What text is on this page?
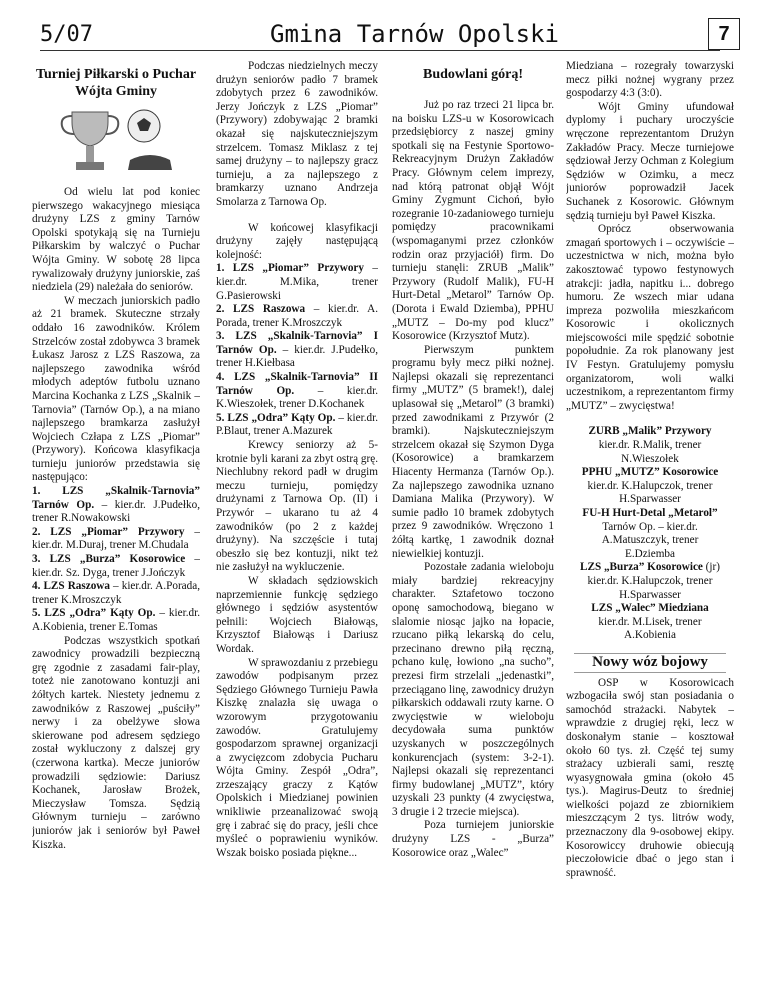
5/07	Gmina Tarnów Opolski	7
Turniej Piłkarski o Puchar Wójta Gminy

Od wielu lat pod koniec pierwszego wakacyjnego miesiąca drużyny LZS z gminy Tarnów Opolski spotykają się na Turnieju Piłkarskim by walczyć o Puchar Wójta Gminy. W sobotę 28 lipca rywalizowały drużyny juniorskie, zaś niedziela (29) należała do seniorów.

W meczach juniorskich padło aż 21 bramek. Skuteczne strzały oddało 16 zawodników. Królem Strzelców został zdobywca 3 bramek Łukasz Jarosz z LZS Raszowa, za najlepszego zawodnika wśród młodych adeptów futbolu uznano Marcina Kochanka z LZS „Skalnik – Tarnovia” (Tarnów Op.), a na miano najlepszego bramkarza zasłużył Wojciech Człapa z LZS „Piomar” (Przywory). Końcowa klasyfikacja turnieju juniorów przedstawia się następująco:

1. LZS „Skalnik-Tarnovia” Tarnów Op. – kier.dr. J.Pudełko, trener R.Nowakowski

2. LZS „Piomar” Przywory – kier.dr. M.Duraj, trener M.Chudala

3. LZS „Burza” Kosorowice – kier.dr. Sz. Dyga, trener J.Jończyk

4. LZS Raszowa – kier.dr. A.Porada, trener K.Mroszczyk

5. LZS „Odra” Kąty Op. – kier.dr. A.Kobienia, trener E.Tomas

Podczas wszystkich spotkań zawodnicy prowadzili bezpieczną grę zgodnie z zasadami fair-play, toteż nie zanotowano kontuzji ani żółtych kartek. Niestety jednemu z zawodników z Raszowej „puściły” nerwy i za obelżywe słowa skierowane pod adresem sędziego został wykluczony z dalszej gry (czerwona kartka). Mecze juniorów prowadzili sędziowie: Dariusz Kochanek, Jarosław Brożek, Mieczysław Tomsza. Sędzią Głównym turnieju – zarówno juniorów jak i seniorów był Paweł Kiszka.

Podczas niedzielnych meczy drużyn seniorów padło 7 bramek zdobytych przez 6 zawodników. Jerzy Jończyk z LZS „Piomar” (Przywory) zdobywając 2 bramki okazał się najskuteczniejszym strzelcem. Tomasz Miklasz z tej samej drużyny – to najlepszy gracz turnieju, a za najlepszego z bramkarzy uznano Andrzeja Smolarza z Tarnowa Op.

W końcowej klasyfikacji drużyny zajęły następującą kolejność:

1. LZS „Piomar” Przywory – kier.dr. M.Mika, trener G.Pasierowski

2. LZS Raszowa – kier.dr. A. Porada, trener K.Mroszczyk

3. LZS „Skalnik-Tarnovia” I Tarnów Op. – kier.dr. J.Pudełko, trener H.Kiełbasa

4. LZS „Skalnik-Tarnovia” II Tarnów Op. – kier.dr. K.Wieszołek, trener D.Kochanek

5. LZS „Odra” Kąty Op. – kier.dr. P.Blaut, trener A.Mazurek

Krewcy seniorzy aż 5-krotnie byli karani za zbyt ostrą grę. Niechlubny rekord padł w drugim meczu turnieju, pomiędzy drużynami z Tarnowa Op. (II) i Przywór – ukarano tu aż 4 zawodników (po 2 z każdej drużyny). Na szczęście i tutaj obeszło się bez kontuzji, nikt też nie zasłużył na wykluczenie.

W składach sędziowskich naprzemiennie funkcję sędziego głównego i sędziów asystentów pełnili: Wojciech Białowąs, Krzysztof Białowąs i Dariusz Wordak.

W sprawozdaniu z przebiegu zawodów podpisanym przez Sędziego Głównego Turnieju Pawła Kiszkę znalazła się uwaga o wzorowym przygotowaniu zawodów. Gratulujemy gospodarzom sprawnej organizacji a zwycięzcom zdobycia Pucharu Wójta Gminy. Zespół „Odra”, zrzeszający graczy z Kątów Opolskich i Miedzianej powinien wnikliwie przeanalizować swoją grę i zabrać się do pracy, jeśli chce myśleć o poprawieniu wyników. Wszak boisko posiada piękne...

Budowlani górą!

Już po raz trzeci 21 lipca br. na boisku LZS-u w Kosorowicach przedsiębiorcy z naszej gminy spotkali się na Festynie Sportowo-Rekreacyjnym Drużyn Zakładów Pracy. Głównym celem imprezy, nad którą patronat objął Wójt Gminy Zygmunt Cichoń, było rozegranie 10-zadaniowego turnieju pomiędzy pracownikami (wspomaganymi przez członków rodzin oraz przyjaciół) firm. Do turnieju stanęli: ZRUB „Malik” Przywory (Rudolf Malik), FU-H Hurt-Detal „Metarol” Tarnów Op. (Dorota i Ewald Dziemba), PPHU „MUTZ – Do-my pod klucz” Kosorowice (Krzysztof Mutz).

Pierwszym punktem programu były mecz piłki nożnej. Najlepsi okazali się reprezentanci firmy „MUTZ” (5 bramek!), dalej uplasował się „Metarol” (3 bramki) przed zawodnikami z Przywór (2 bramki). Najskuteczniejszym strzelcem okazał się Szymon Dyga (Kosorowice) a bramkarzem Hiacenty Hermanza (Tarnów Op.). Za najlepszego zawodnika uznano Damiana Malika (Przywory). W sumie padło 10 bramek zdobytych przez 9 zawodników. Wręczono 1 żółtą kartkę, 1 zawodnik doznał niewielkiej kontuzji.

Pozostałe zadania wieloboju miały bardziej rekreacyjny charakter. Sztafetowo toczono oponę samochodową, biegano w slalomie niosąc jajko na łopacie, rzucano piłką lekarską do celu, przecinano drewno piłą ręczną, pchano kulę, łowiono „na sucho”, prezesi firm strzelali „jedenastki”, przeciągano linę, zawodnicy drużyn piłkarskich oddawali rzuty karne. O zwycięstwie w wieloboju decydowała suma punktów uzyskanych w poszczególnych konkurencjach (system: 3-2-1). Najlepsi okazali się reprezentanci firmy budowlanej „MUTZ”, który uzyskali 23 punkty (4 zwycięstwa, 3 drugie i 2 trzecie miejsca).

Poza turniejem juniorskie drużyny LZS - „Burza” Kosorowice oraz „Walec”

Miedziana – rozegrały towarzyski mecz piłki nożnej wygrany przez gospodarzy 4:3 (3:0).

Wójt Gminy ufundował dyplomy i puchary uroczyście wręczone reprezentantom Drużyn Zakładów Pracy. Mecze turniejowe sędziował Jerzy Ochman z Kolegium Sędziów w Ozimku, a mecz juniorów poprowadził Jacek Suchanek z Kosorowic. Głównym sędzią turnieju był Paweł Kiszka.

Oprócz obserwowania zmagań sportowych i – oczywiście – uczestnictwa w nich, można było zakosztować typowo festynowych atrakcji: jadła, napitku i... dobrego humoru. Ze wszech miar udana impreza pozwoliła mieszkańcom Kosorowic i okolicznych miejscowości mile spędzić sobotnie popołudnie. Za rok planowany jest IV Festyn. Gratulujemy pomysłu organizatorom, woli walki uczestnikom, a reprezentantom firmy „MUTZ” – zwycięstwa!

ZURB „Malik” Przywory

kier.dr. R.Malik, trener

N.Wieszołek

PPHU „MUTZ” Kosorowice

kier.dr. K.Halupczok, trener

H.Sparwasser

FU-H Hurt-Detal „Metarol”

Tarnów Op. – kier.dr.

A.Matuszczyk, trener

E.Dziemba

LZS „Burza” Kosorowice (jr)

kier.dr. K.Halupczok, trener

H.Sparwasser

LZS „Walec” Miedziana

kier.dr. M.Lisek, trener

A.Kobienia

Nowy wóz bojowy

OSP w Kosorowicach wzbogaciła swój stan posiadania o samochód strażacki. Nabytek – wprawdzie z drugiej ręki, lecz w doskonałym stanie – kosztował około 60 tys. zł. Część tej sumy strażacy uzbierali sami, resztę wyasygnowała gmina (około 45 tys.). Magirus-Deutz to średniej wielkości pojazd ze zbiornikiem mieszczącym 2 tys. litrów wody, przeznaczony dla 9-osobowej ekipy. Kosorowiccy druhowie obiecują pieczołowicie dbać o jego stan i sprawność.
